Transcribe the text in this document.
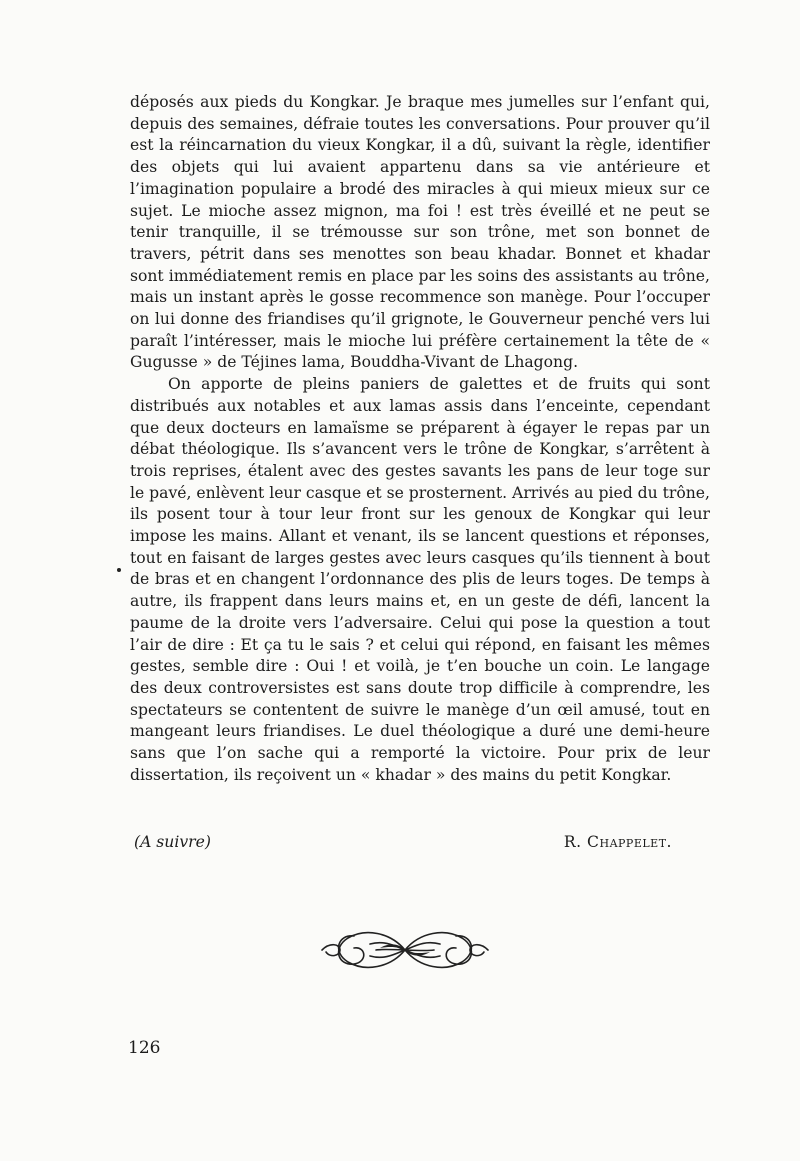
déposés aux pieds du Kongkar. Je braque mes jumelles sur l’enfant qui, depuis des semaines, défraie toutes les conversations. Pour prouver qu’il est la réincarnation du vieux Kongkar, il a dû, suivant la règle, identifier des objets qui lui avaient appartenu dans sa vie antérieure et l’imagination populaire a brodé des miracles à qui mieux mieux sur ce sujet. Le mioche assez mignon, ma foi ! est très éveillé et ne peut se tenir tranquille, il se trémousse sur son trône, met son bonnet de travers, pétrit dans ses menottes son beau khadar. Bonnet et khadar sont immédiatement remis en place par les soins des assistants au trône, mais un instant après le gosse recommence son manège. Pour l’occuper on lui donne des friandises qu’il grignote, le Gouverneur penché vers lui paraît l’intéresser, mais le mioche lui préfère certainement la tête de « Gugusse » de Téjines lama, Bouddha-Vivant de Lhagong.

On apporte de pleins paniers de galettes et de fruits qui sont distribués aux notables et aux lamas assis dans l’enceinte, cependant que deux docteurs en lamaïsme se préparent à égayer le repas par un débat théologique. Ils s’avancent vers le trône de Kongkar, s’arrêtent à trois reprises, étalent avec des gestes savants les pans de leur toge sur le pavé, enlèvent leur casque et se prosternent. Arrivés au pied du trône, ils posent tour à tour leur front sur les genoux de Kongkar qui leur impose les mains. Allant et venant, ils se lancent questions et réponses, tout en faisant de larges gestes avec leurs casques qu’ils tiennent à bout de bras et en changent l’ordonnance des plis de leurs toges. De temps à autre, ils frappent dans leurs mains et, en un geste de défi, lancent la paume de la droite vers l’adversaire. Celui qui pose la question a tout l’air de dire : Et ça tu le sais ? et celui qui répond, en faisant les mêmes gestes, semble dire : Oui ! et voilà, je t’en bouche un coin. Le langage des deux controversistes est sans doute trop difficile à comprendre, les spectateurs se contentent de suivre le manège d’un œil amusé, tout en mangeant leurs friandises. Le duel théologique a duré une demi-heure sans que l’on sache qui a remporté la victoire. Pour prix de leur dissertation, ils reçoivent un « khadar » des mains du petit Kongkar.

(A suivre)	R. Chappelet.
126
